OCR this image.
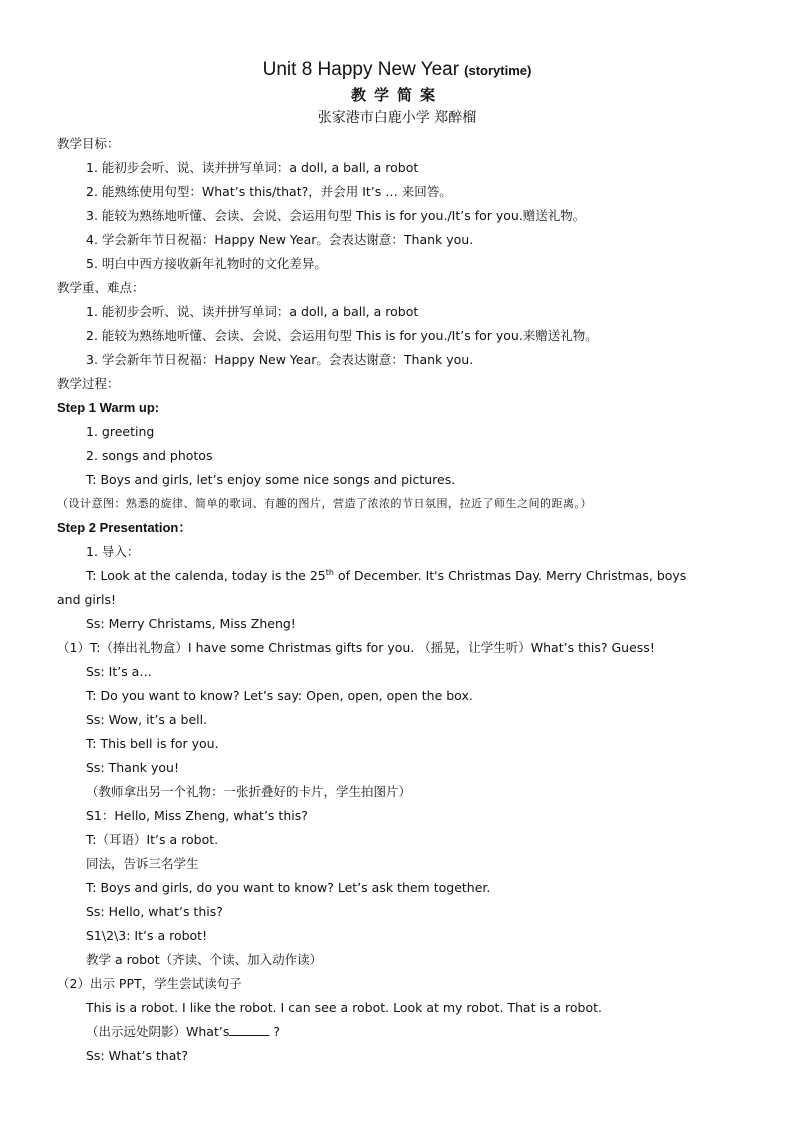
Unit 8 Happy New Year (storytime)
教学简案
张家港市白鹿小学 郑醉榴
教学目标：
1. 能初步会听、说、读并拼写单词：a doll, a ball, a robot
2. 能熟练使用句型：What’s this/that?，并会用 It’s … 来回答。
3. 能较为熟练地听懂、会读、会说、会运用句型 This is for you./It’s for you.赠送礼物。
4. 学会新年节日祝福：Happy New Year。会表达谢意：Thank you.
5. 明白中西方接收新年礼物时的文化差异。
教学重、难点：
1. 能初步会听、说、读并拼写单词：a doll, a ball, a robot
2. 能较为熟练地听懂、会读、会说、会运用句型 This is for you./It’s for you.来赠送礼物。
3. 学会新年节日祝福：Happy New Year。会表达谢意：Thank you.
教学过程：
Step 1 Warm up:
1. greeting
2. songs and photos
T: Boys and girls, let’s enjoy some nice songs and pictures.
（设计意图：熟悉的旋律、简单的歌词、有趣的图片，营造了浓浓的节日氛围，拉近了师生之间的距离。）
Step 2 Presentation：
1. 导入：
T: Look at the calenda, today is the 25th of December. It's Christmas Day. Merry Christmas, boys
and girls!
Ss: Merry Christams, Miss Zheng!
（1）T:（捧出礼物盒）I have some Christmas gifts for you. （摇晃，让学生听）What’s this? Guess!
Ss: It’s a…
T: Do you want to know? Let’s say: Open, open, open the box.
Ss: Wow, it’s a bell.
T: This bell is for you.
Ss: Thank you!
（教师拿出另一个礼物：一张折叠好的卡片，学生拍图片）
S1：Hello, Miss Zheng, what’s this?
T:（耳语）It’s a robot.
同法，告诉三名学生
T: Boys and girls, do you want to know? Let’s ask them together.
Ss: Hello, what’s this?
S1\2\3: It’s a robot!
教学 a robot（齐读、个读、加入动作读）
（2）出示 PPT，学生尝试读句子
This is a robot. I like the robot. I can see a robot. Look at my robot. That is a robot.
（出示远处阴影）What’s	?
Ss: What’s that?
